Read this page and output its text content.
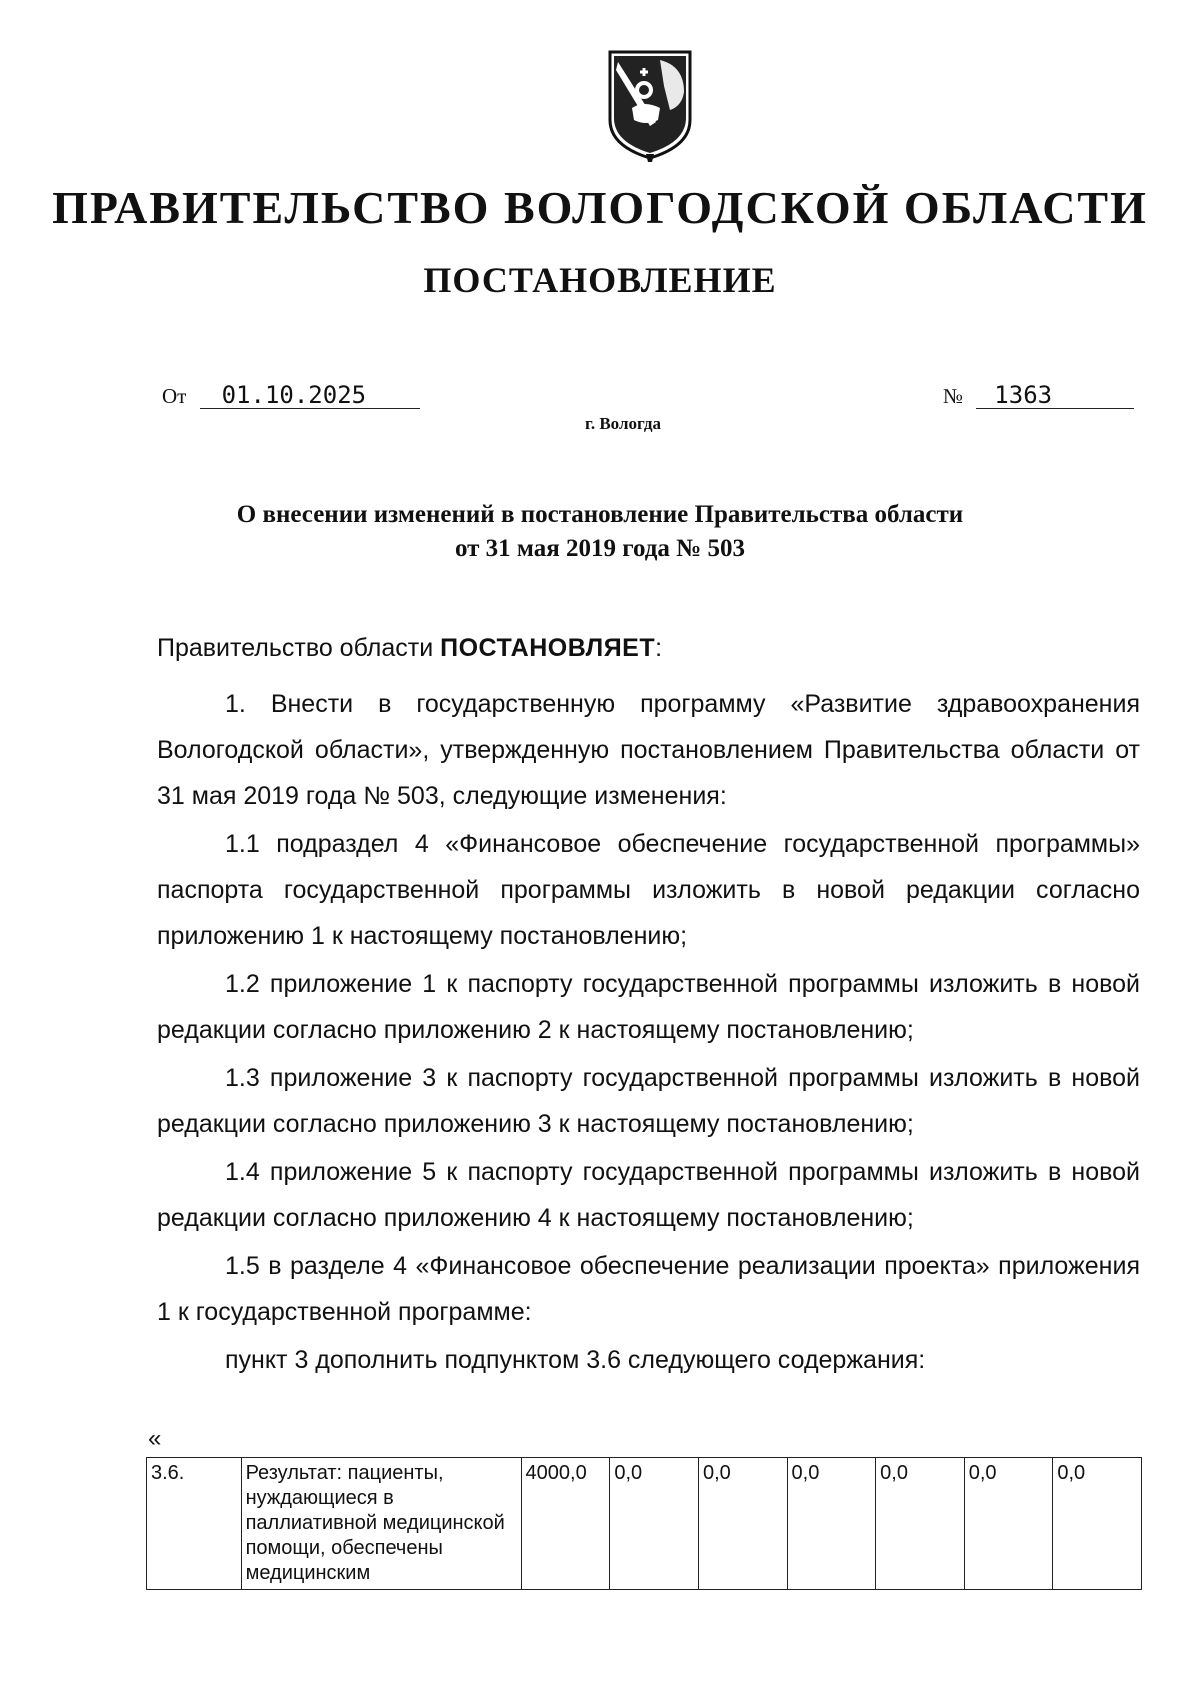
ПРАВИТЕЛЬСТВО ВОЛОГОДСКОЙ ОБЛАСТИ
ПОСТАНОВЛЕНИЕ
От 01.10.2025	№ 1363
г. Вологда
О внесении изменений в постановление Правительства области
от 31 мая 2019 года № 503

Правительство области ПОСТАНОВЛЯЕТ:

1. Внести в государственную программу «Развитие здравоохранения Вологодской области», утвержденную постановлением Правительства области от 31 мая 2019 года № 503, следующие изменения:

1.1 подраздел 4 «Финансовое обеспечение государственной программы» паспорта государственной программы изложить в новой редакции согласно приложению 1 к настоящему постановлению;

1.2 приложение 1 к паспорту государственной программы изложить в новой редакции согласно приложению 2 к настоящему постановлению;

1.3 приложение 3 к паспорту государственной программы изложить в новой редакции согласно приложению 3 к настоящему постановлению;

1.4 приложение 5 к паспорту государственной программы изложить в новой редакции согласно приложению 4 к настоящему постановлению;

1.5 в разделе 4 «Финансовое обеспечение реализации проекта» приложения 1 к государственной программе:

пункт 3 дополнить подпунктом 3.6 следующего содержания:

«
3.6.	Результат: пациенты, нуждающиеся в паллиативной медицинской помощи, обеспечены медицинским	4000,0	0,0	0,0	0,0	0,0	0,0	0,0
